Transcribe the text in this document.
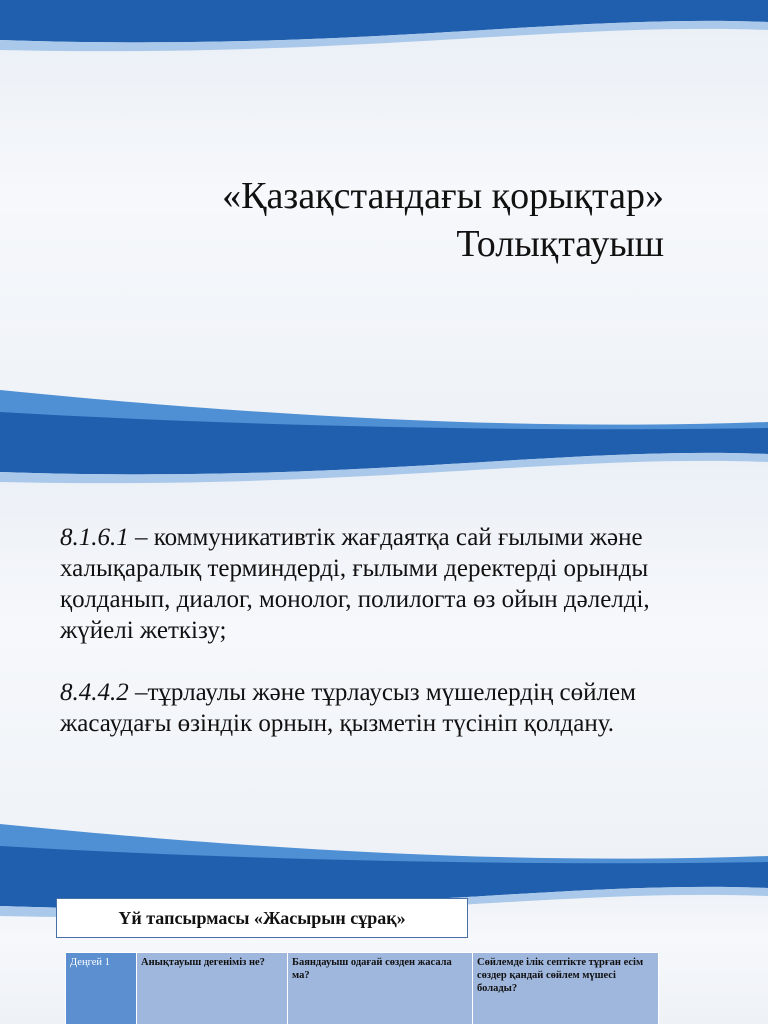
«Қазақстандағы қорықтар»
Толықтауыш

8.1.6.1 – коммуникативтік жағдаятқа сай ғылыми және халықаралық терминдерді, ғылыми деректерді орынды қолданып, диалог, монолог, полилогта өз ойын дәлелді, жүйелі жеткізу;

8.4.4.2 –тұрлаулы және тұрлаусыз мүшелердің сөйлем жасаудағы өзіндік орнын, қызметін түсініп қолдану.

Үй тапсырмасы «Жасырын сұрақ»
Деңгей 1	Анықтауыш дегеніміз не?	Баяндауыш одағай сөзден жасала ма?	Сөйлемде ілік септікте тұрған есім сөздер қандай сөйлем мүшесі болады?
